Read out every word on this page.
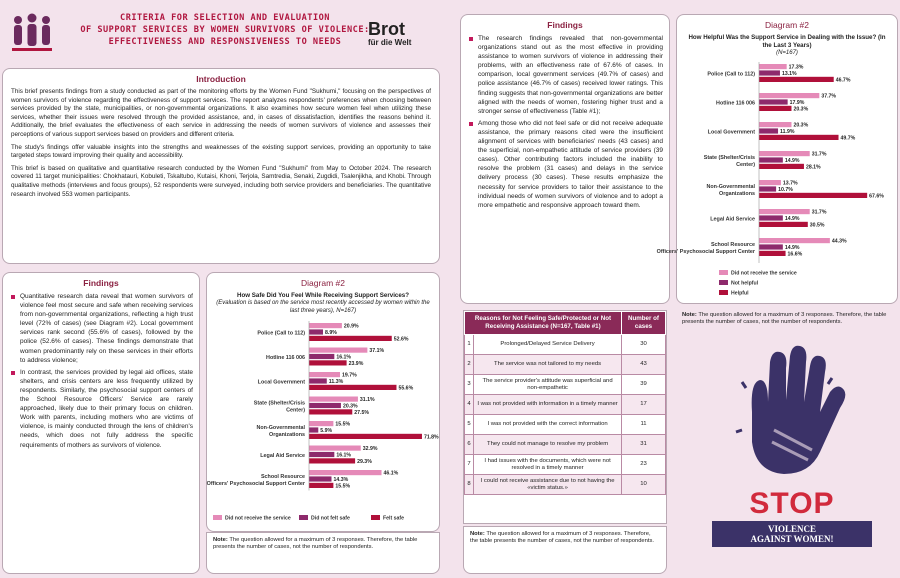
CRITERIA FOR SELECTION AND EVALUATION
OF SUPPORT SERVICES BY WOMEN SURVIVORS OF VIOLENCE:
EFFECTIVENESS AND RESPONSIVENESS TO NEEDS
Brot
für die Welt
Introduction

This brief presents findings from a study conducted as part of the monitoring efforts by the Women Fund "Sukhumi," focusing on the perspectives of women survivors of violence regarding the effectiveness of support services. The report analyzes respondents' preferences when choosing between services provided by the state, municipalities, or non-governmental organizations. It also examines how secure women feel when utilizing these services, whether their issues were resolved through the provided assistance, and, in cases of dissatisfaction, identifies the reasons behind it. Additionally, the brief evaluates the effectiveness of each service in addressing the needs of women survivors of violence and assesses their perceptions of various support services based on providers and different criteria.

The study's findings offer valuable insights into the strengths and weaknesses of the existing support services, providing an opportunity to take targeted steps toward improving their quality and accessibility.

This brief is based on qualitative and quantitative research conducted by the Women Fund "Sukhumi" from May to October 2024. The research covered 11 target municipalities: Chokhatauri, Kobuleti, Tskaltubo, Kutaisi, Khoni, Terjola, Samtredia, Senaki, Zugdidi, Tsalenjikha, and Khobi. Through qualitative methods (interviews and focus groups), 52 respondents were surveyed, including both service providers and beneficiaries. The quantitative research involved 553 women participants.

Findings
Quantitative research data reveal that women survivors of violence feel most secure and safe when receiving services from non-governmental organizations, reflecting a high trust level (72% of cases) (see Diagram #2). Local government services rank second (55.6% of cases), followed by the police (52.6% of cases). These findings demonstrate that women predominantly rely on these services in their efforts to address violence;
In contrast, the services provided by legal aid offices, state shelters, and crisis centers are less frequently utilized by respondents. Similarly, the psychosocial support centers of the School Resource Officers' Service are rarely approached, likely due to their primary focus on children. Work with parents, including mothers who are victims of violence, is mainly conducted through the lens of children's needs, which does not fully address the specific requirements of mothers as survivors of violence.
Diagram #2
How Safe Did You Feel While Receiving Support Services?
(Evaluation is based on the service most recently accessed by women within the last three years), N=167)
Police (Call to 112)
20.9%
8.9%
52.6%
Hotline 116 006
37.1%
16.1%
23.9%
Local Government
19.7%
11.3%
55.6%
State (Shelter/Crisis
Center)
31.1%
20.3%
27.5%
Non-Governmental
Organizations
15.5%
5.9%
71.8%
Legal Aid Service
32.9%
16.1%
29.3%
School Resource
Officers' Psychosocial Support Center
46.1%
14.3%
15.5%
Did not receive the service	Did not felt safe	Felt safe
Note: The question allowed for a maximum of 3 responses. Therefore, the table presents the number of cases, not the number of respondents.
Findings
The research findings revealed that non-governmental organizations stand out as the most effective in providing assistance to women survivors of violence in addressing their problems, with an effectiveness rate of 67.6% of cases. In comparison, local government services (49.7% of cases) and police assistance (46.7% of cases) received lower ratings. This finding suggests that non-governmental organizations are better aligned with the needs of women, fostering higher trust and a stronger sense of effectiveness (Table #1);
Among those who did not feel safe or did not receive adequate assistance, the primary reasons cited were the insufficient alignment of services with beneficiaries' needs (43 cases) and the superficial, non-empathetic attitude of service providers (39 cases). Other contributing factors included the inability to resolve the problem (31 cases) and delays in the service delivery process (30 cases). These results emphasize the necessity for service providers to tailor their assistance to the individual needs of women survivors of violence and to adopt a more empathetic and responsive approach toward them.
Reasons for Not Feeling Safe/Protected or Not Receiving Assistance (N=167, Table #1)		Number of cases
1	Prolonged/Delayed Service Delivery	30
2	The service was not tailored to my needs	43
3	The service provider's attitude was superficial and non-empathetic	39
4	I was not provided with information in a timely manner	17
5	I was not provided with the correct information	11
6	They could not manage to resolve my problem	31
7	I had issues with the documents, which were not resolved in a timely manner	23
8	I could not receive assistance due to not having the «victim status.»	10
Note: The question allowed for a maximum of 3 responses. Therefore, the table presents the number of cases, not the number of respondents.
Diagram #2
How Helpful Was the Support Service in Dealing with the Issue? (In the Last 3 Years)
(N=167)
Police (Call to 112)
17.3%
13.1%
46.7%
Hotline 116 006
37.7%
17.9%
20.3%
Local Government
20.3%
11.9%
49.7%
State (Shelter/Crisis
Center)
31.7%
14.9%
28.1%
Non-Governmental
Organizations
13.7%
10.7%
67.6%
Legal Aid Service
31.7%
14.9%
30.5%
School Resource
Officers' Psychosocial Support Center
44.3%
14.9%
16.6%
Did not receive the service
Not helpful
Helpful
Note: The question allowed for a maximum of 3 responses. Therefore, the table presents the number of cases, not the number of respondents.
STOP
VIOLENCE
AGAINST WOMEN!
